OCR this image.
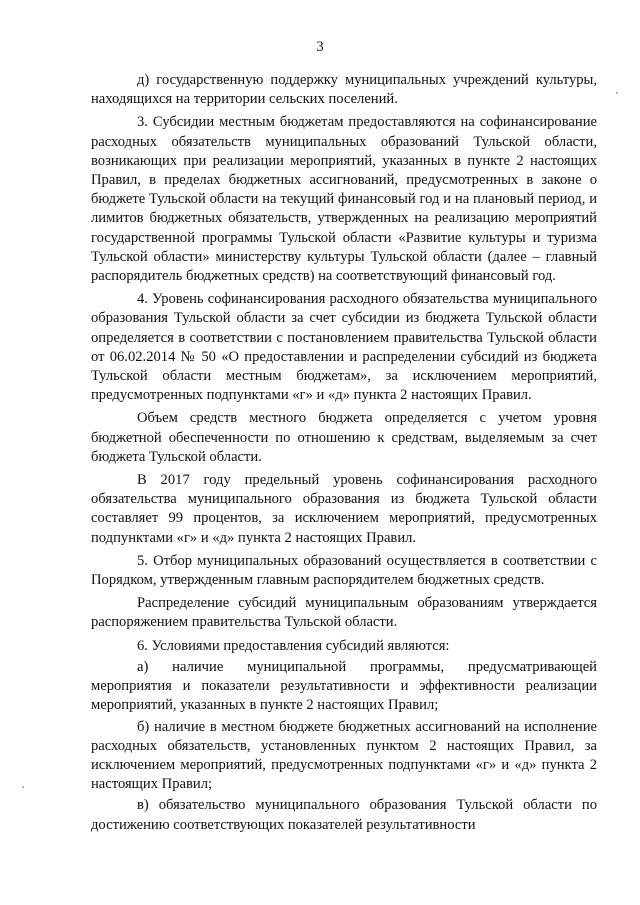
3

д) государственную поддержку муниципальных учреждений культуры, находящихся на территории сельских поселений.

3. Субсидии местным бюджетам предоставляются на софинансирование расходных обязательств муниципальных образований Тульской области, возникающих при реализации мероприятий, указанных в пункте 2 настоящих Правил, в пределах бюджетных ассигнований, предусмотренных в законе о бюджете Тульской области на текущий финансовый год и на плановый период, и лимитов бюджетных обязательств, утвержденных на реализацию мероприятий государственной программы Тульской области «Развитие культуры и туризма Тульской области» министерству культуры Тульской области (далее – главный распорядитель бюджетных средств) на соответствующий финансовый год.

4. Уровень софинансирования расходного обязательства муниципального образования Тульской области за счет субсидии из бюджета Тульской области определяется в соответствии с постановлением правительства Тульской области от 06.02.2014 № 50 «О предоставлении и распределении субсидий из бюджета Тульской области местным бюджетам», за исключением мероприятий, предусмотренных подпунктами «г» и «д» пункта 2 настоящих Правил.

Объем средств местного бюджета определяется с учетом уровня бюджетной обеспеченности по отношению к средствам, выделяемым за счет бюджета Тульской области.

В 2017 году предельный уровень софинансирования расходного обязательства муниципального образования из бюджета Тульской области составляет 99 процентов, за исключением мероприятий, предусмотренных подпунктами «г» и «д» пункта 2 настоящих Правил.

5. Отбор муниципальных образований осуществляется в соответствии с Порядком, утвержденным главным распорядителем бюджетных средств.

Распределение субсидий муниципальным образованиям утверждается распоряжением правительства Тульской области.

6. Условиями предоставления субсидий являются:

а) наличие муниципальной программы, предусматривающей мероприятия и показатели результативности и эффективности реализации мероприятий, указанных в пункте 2 настоящих Правил;

б) наличие в местном бюджете бюджетных ассигнований на исполнение расходных обязательств, установленных пунктом 2 настоящих Правил, за исключением мероприятий, предусмотренных подпунктами «г» и «д» пункта 2 настоящих Правил;

в) обязательство муниципального образования Тульской области по достижению соответствующих показателей результативности
